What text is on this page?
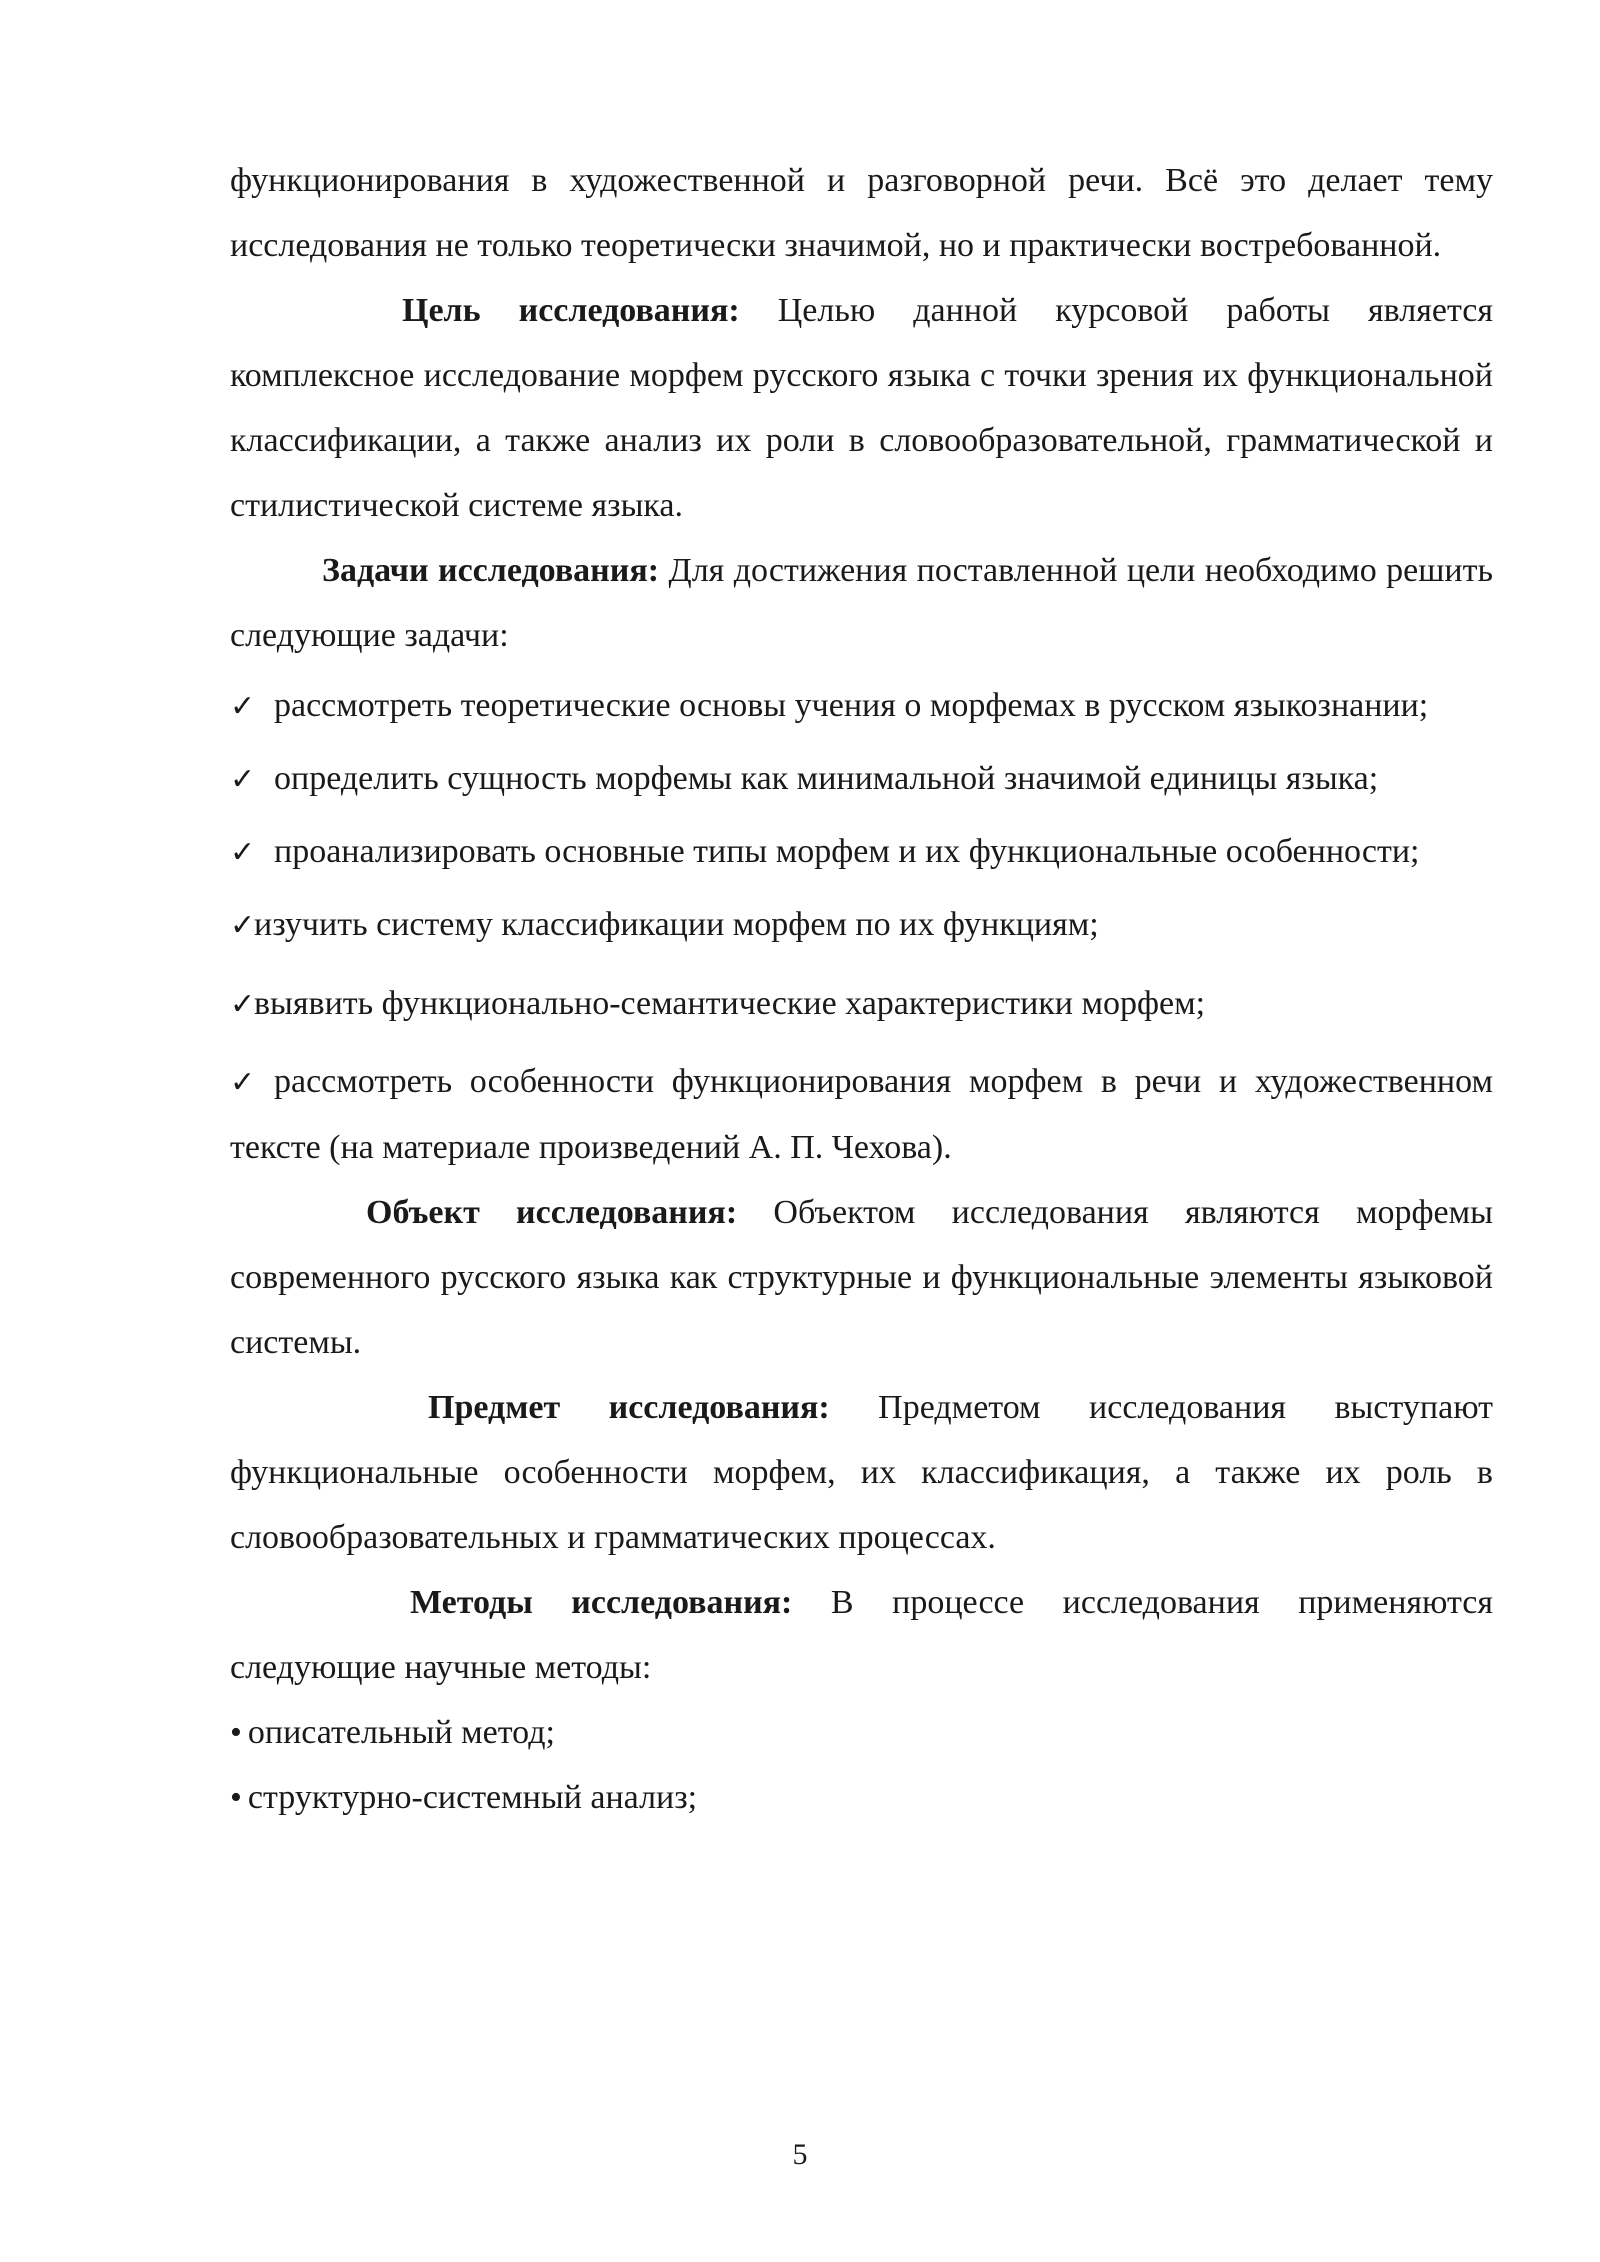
функционирования в художественной и разговорной речи. Всё это делает тему исследования не только теоретически значимой, но и практически востребованной.

Цель исследования: Целью данной курсовой работы является комплексное исследование морфем русского языка с точки зрения их функциональной классификации, а также анализ их роли в словообразовательной, грамматической и стилистической системе языка.

Задачи исследования: Для достижения поставленной цели необходимо решить следующие задачи:

✓ рассмотреть теоретические основы учения о морфемах в русском языкознании;

✓ определить сущность морфемы как минимальной значимой единицы языка;

✓ проанализировать основные типы морфем и их функциональные особенности;

✓изучить систему классификации морфем по их функциям;

✓выявить функционально-семантические характеристики морфем;

✓ рассмотреть особенности функционирования морфем в речи и художественном тексте (на материале произведений А. П. Чехова).

Объект исследования: Объектом исследования являются морфемы современного русского языка как структурные и функциональные элементы языковой системы.

Предмет исследования: Предметом исследования выступают функциональные особенности морфем, их классификация, а также их роль в словообразовательных и грамматических процессах.

Методы исследования: В процессе исследования применяются следующие научные методы:

• описательный метод;

• структурно-системный анализ;

5
